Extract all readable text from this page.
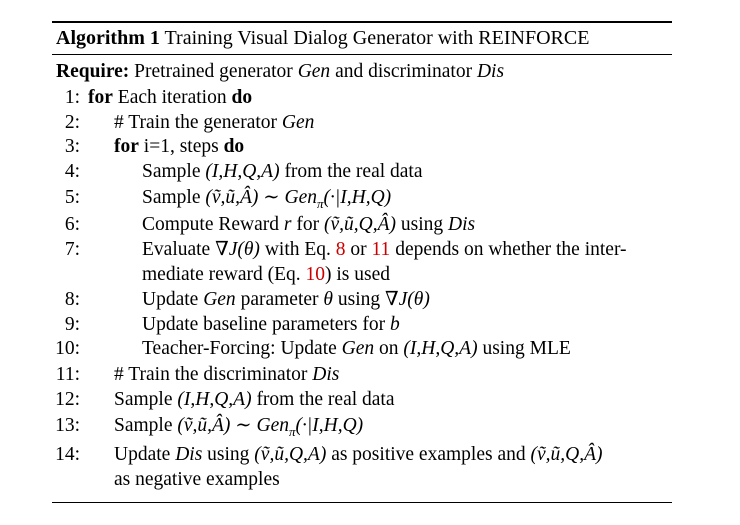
Algorithm 1 Training Visual Dialog Generator with REINFORCE
Require: Pretrained generator Gen and discriminator Dis
1: for Each iteration do
2: # Train the generator Gen
3: for i=1, steps do
4:	Sample (I,H,Q,A) from the real data
5:	Sample (ṽ,ũ,Â) ∼ Gen$_\pi$(·|I,H,Q)
6:	Compute Reward r for (ṽ,ũ,Q,Â) using Dis
7:	Evaluate ∇J(θ) with Eq. 8 or 11 depends on whether the inter-
mediate reward (Eq. 10) is used
8:	Update Gen parameter θ using ∇J(θ)
9:	Update baseline parameters for b
10:	Teacher-Forcing: Update Gen on (I,H,Q,A) using MLE
11: # Train the discriminator Dis
12: Sample (I,H,Q,A) from the real data
13: Sample (ṽ,ũ,Â) ∼ Gen$_\pi$(·|I,H,Q)
14: Update Dis using (ṽ,ũ,Q,A) as positive examples and (ṽ,ũ,Q,Â)
as negative examples
